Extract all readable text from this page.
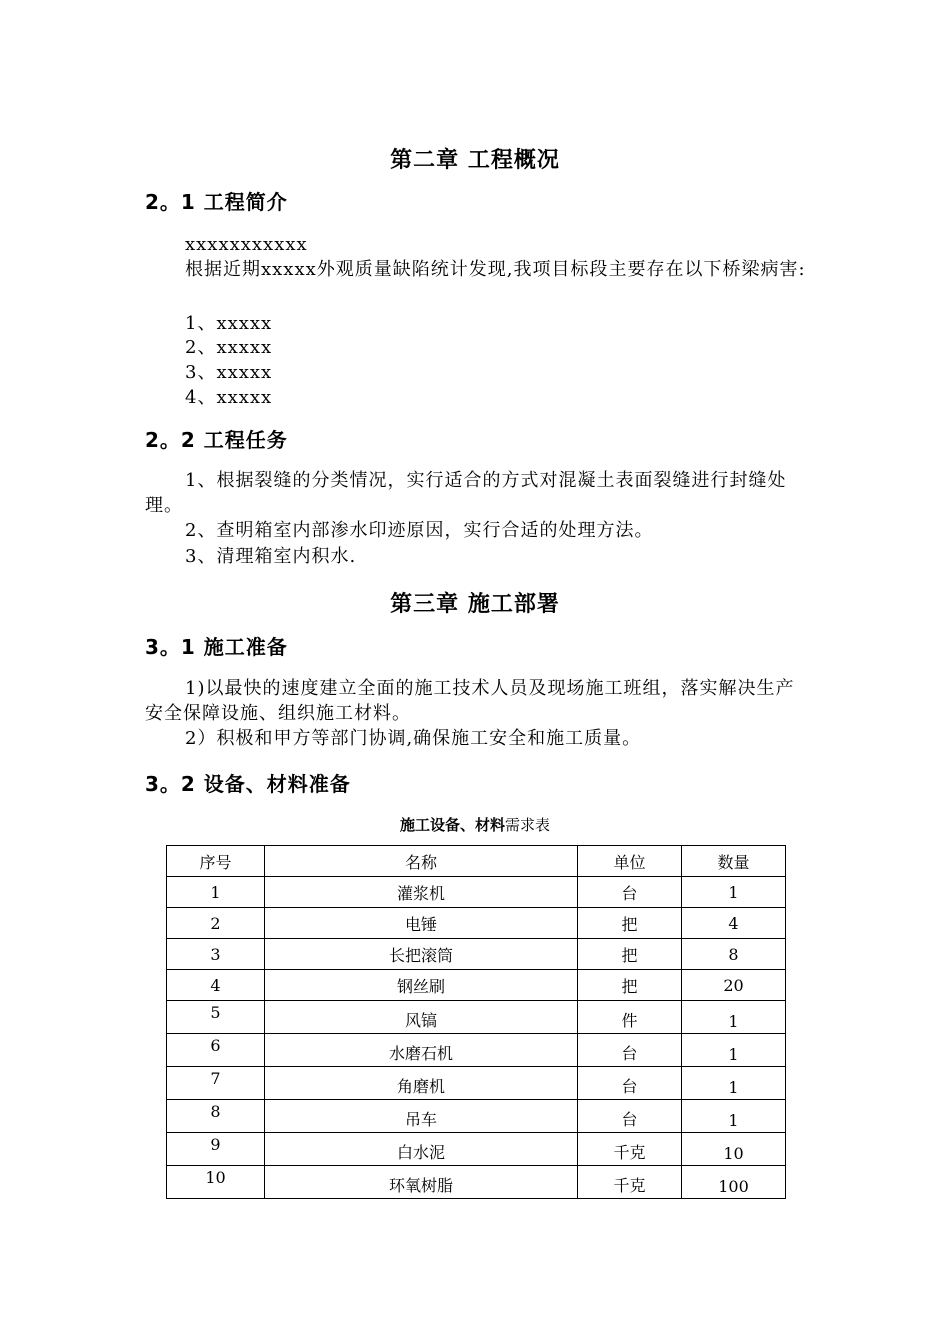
第二章 工程概况
2。1 工程简介
xxxxxxxxxxx
根据近期xxxxx外观质量缺陷统计发现,我项目标段主要存在以下桥梁病害:
1、xxxxx
2、xxxxx
3、xxxxx
4、xxxxx
2。2 工程任务
1、根据裂缝的分类情况，实行适合的方式对混凝土表面裂缝进行封缝处理。
2、查明箱室内部渗水印迹原因，实行合适的处理方法。
3、清理箱室内积水.
第三章 施工部署
3。1 施工准备
1)以最快的速度建立全面的施工技术人员及现场施工班组，落实解决生产安全保障设施、组织施工材料。
2）积极和甲方等部门协调,确保施工安全和施工质量。
3。2 设备、材料准备
施工设备、材料需求表
序号	名称	单位	数量
1	灌浆机	台	1
2	电锤	把	4
3	长把滚筒	把	8
4	钢丝刷	把	20
5	风镐	件	1
6	水磨石机	台	1
7	角磨机	台	1
8	吊车	台	1
9	白水泥	千克	10
10	环氧树脂	千克	100
